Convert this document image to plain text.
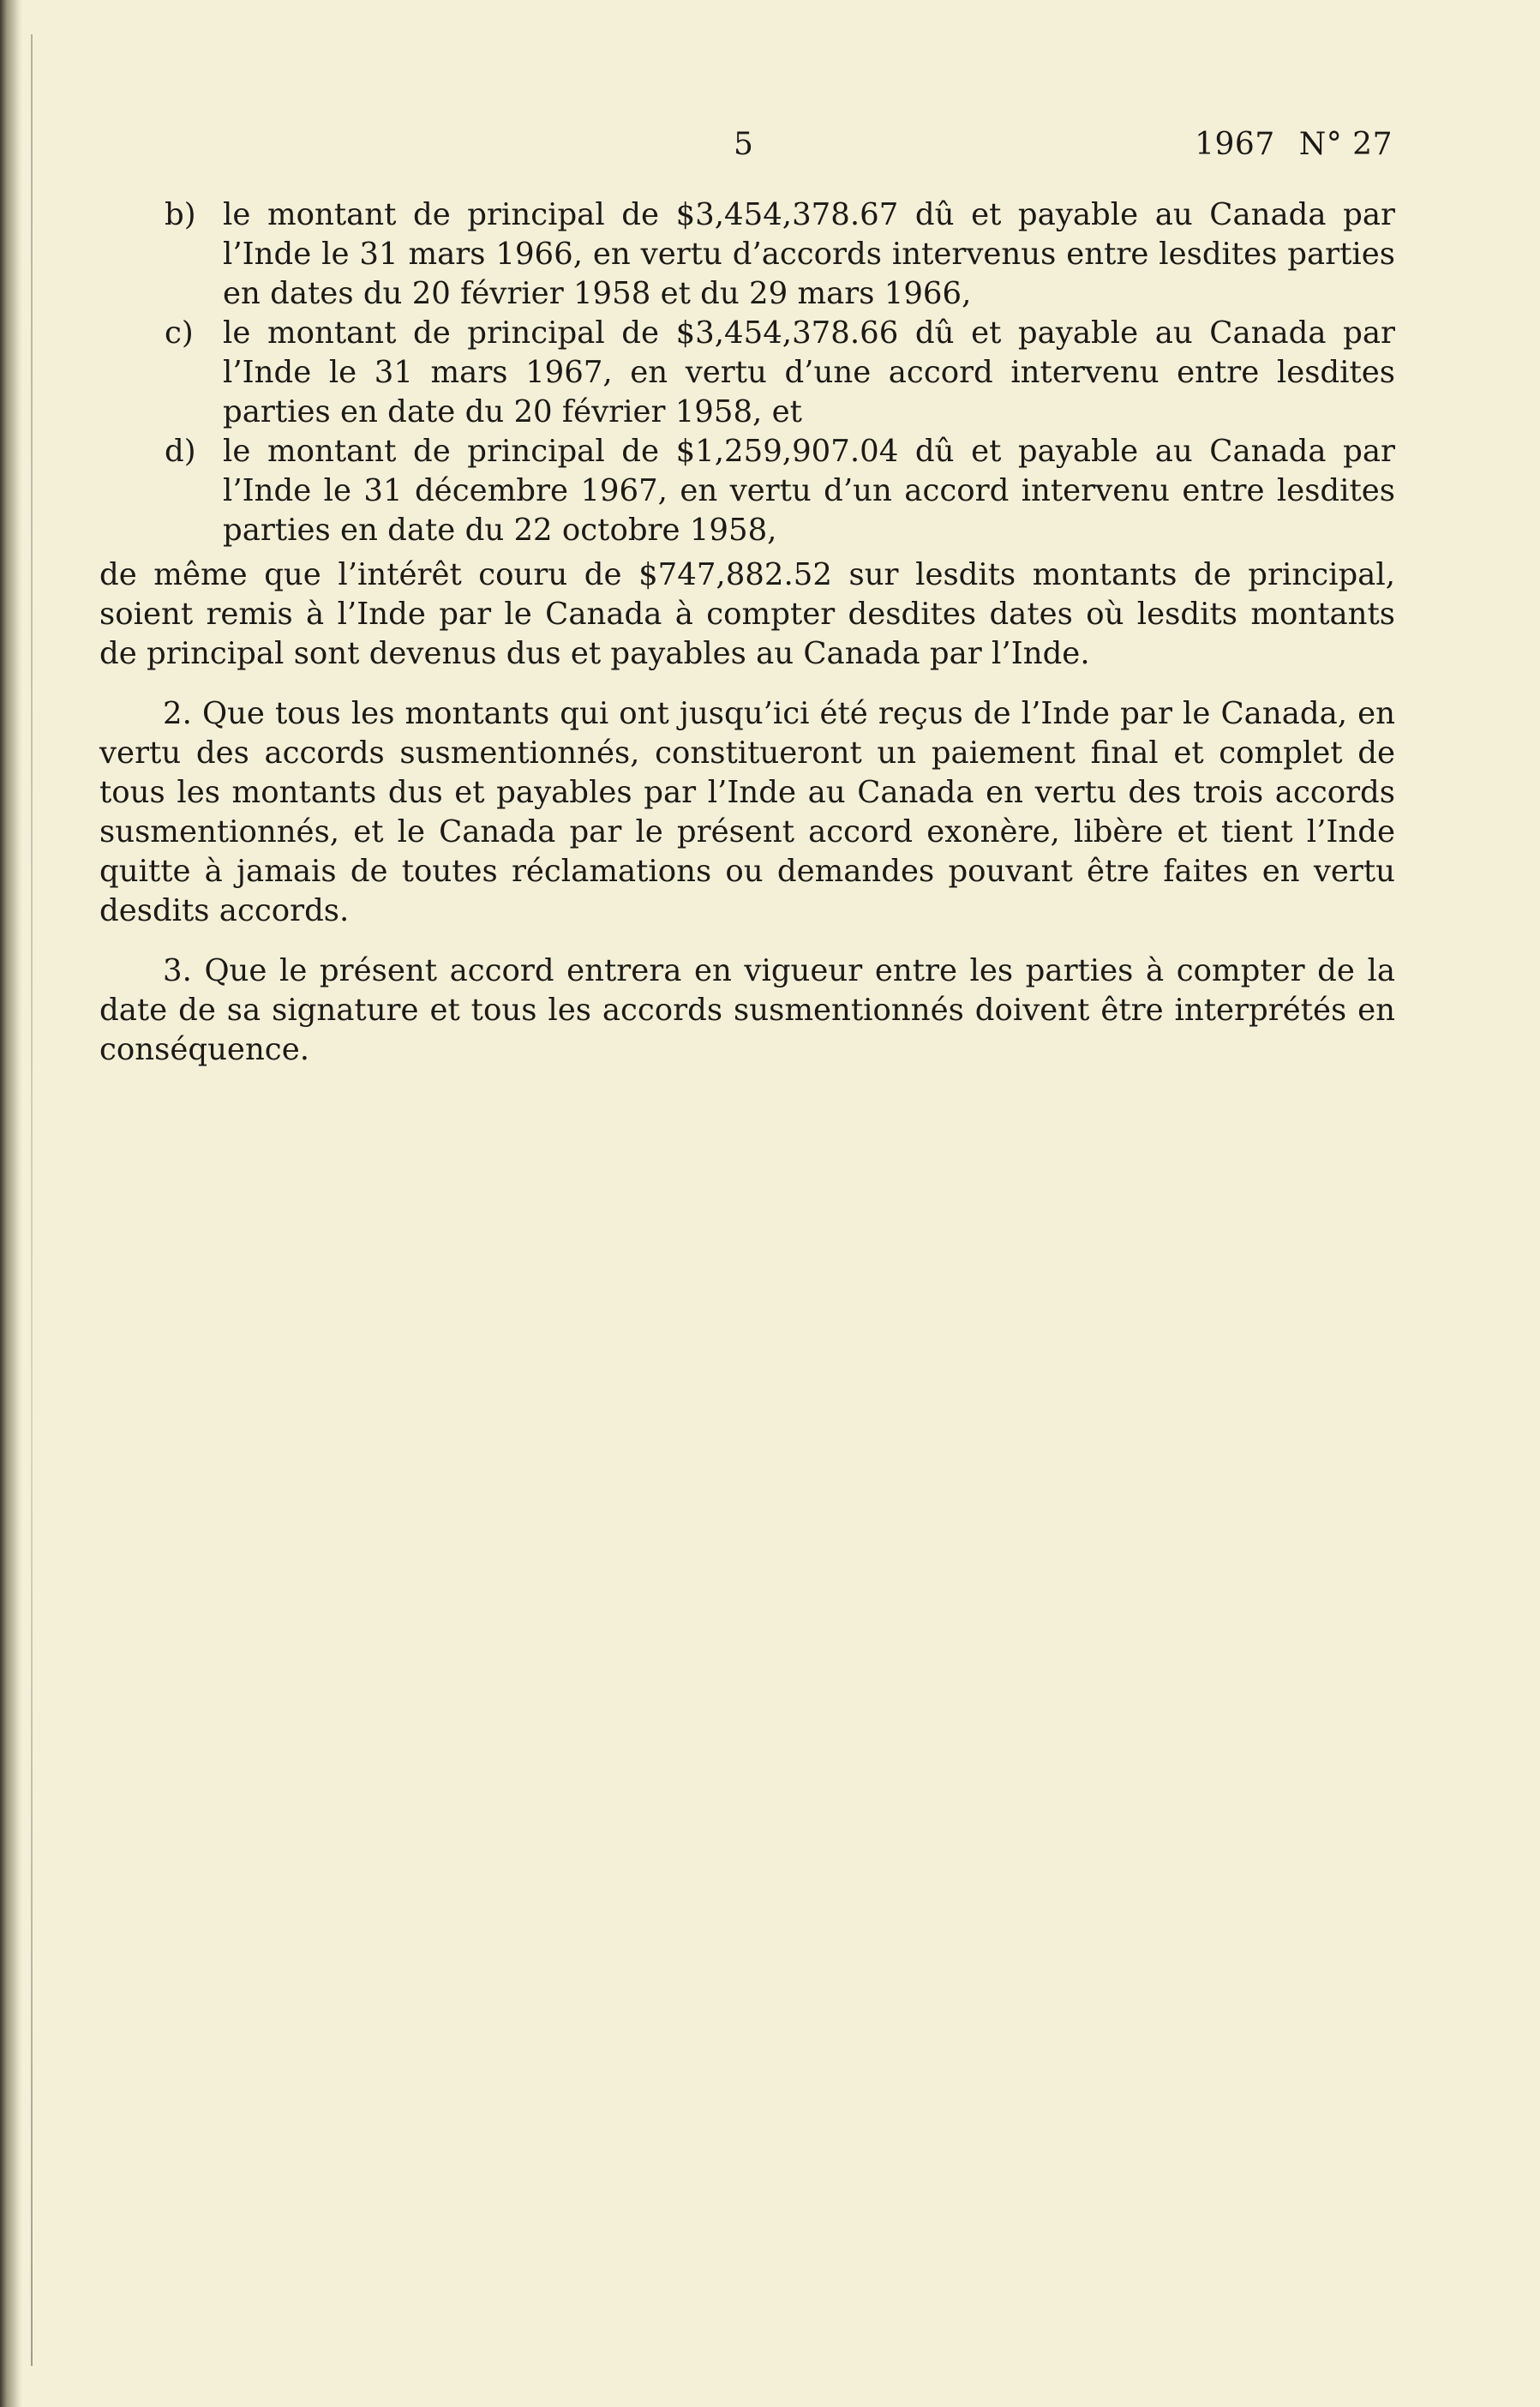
5	1967 N° 27
b) le montant de principal de $3,454,378.67 dû et payable au Canada par l’Inde le 31 mars 1966, en vertu d’accords intervenus entre lesdites parties en dates du 20 février 1958 et du 29 mars 1966,
c) le montant de principal de $3,454,378.66 dû et payable au Canada par l’Inde le 31 mars 1967, en vertu d’une accord intervenu entre lesdites parties en date du 20 février 1958, et
d) le montant de principal de $1,259,907.04 dû et payable au Canada par l’Inde le 31 décembre 1967, en vertu d’un accord intervenu entre lesdites parties en date du 22 octobre 1958,

de même que l’intérêt couru de $747,882.52 sur lesdits montants de principal, soient remis à l’Inde par le Canada à compter desdites dates où lesdits montants de principal sont devenus dus et payables au Canada par l’Inde.

2. Que tous les montants qui ont jusqu’ici été reçus de l’Inde par le Canada, en vertu des accords susmentionnés, constitueront un paiement final et complet de tous les montants dus et payables par l’Inde au Canada en vertu des trois accords susmentionnés, et le Canada par le présent accord exonère, libère et tient l’Inde quitte à jamais de toutes réclamations ou demandes pouvant être faites en vertu desdits accords.

3. Que le présent accord entrera en vigueur entre les parties à compter de la date de sa signature et tous les accords susmentionnés doivent être interprétés en conséquence.
